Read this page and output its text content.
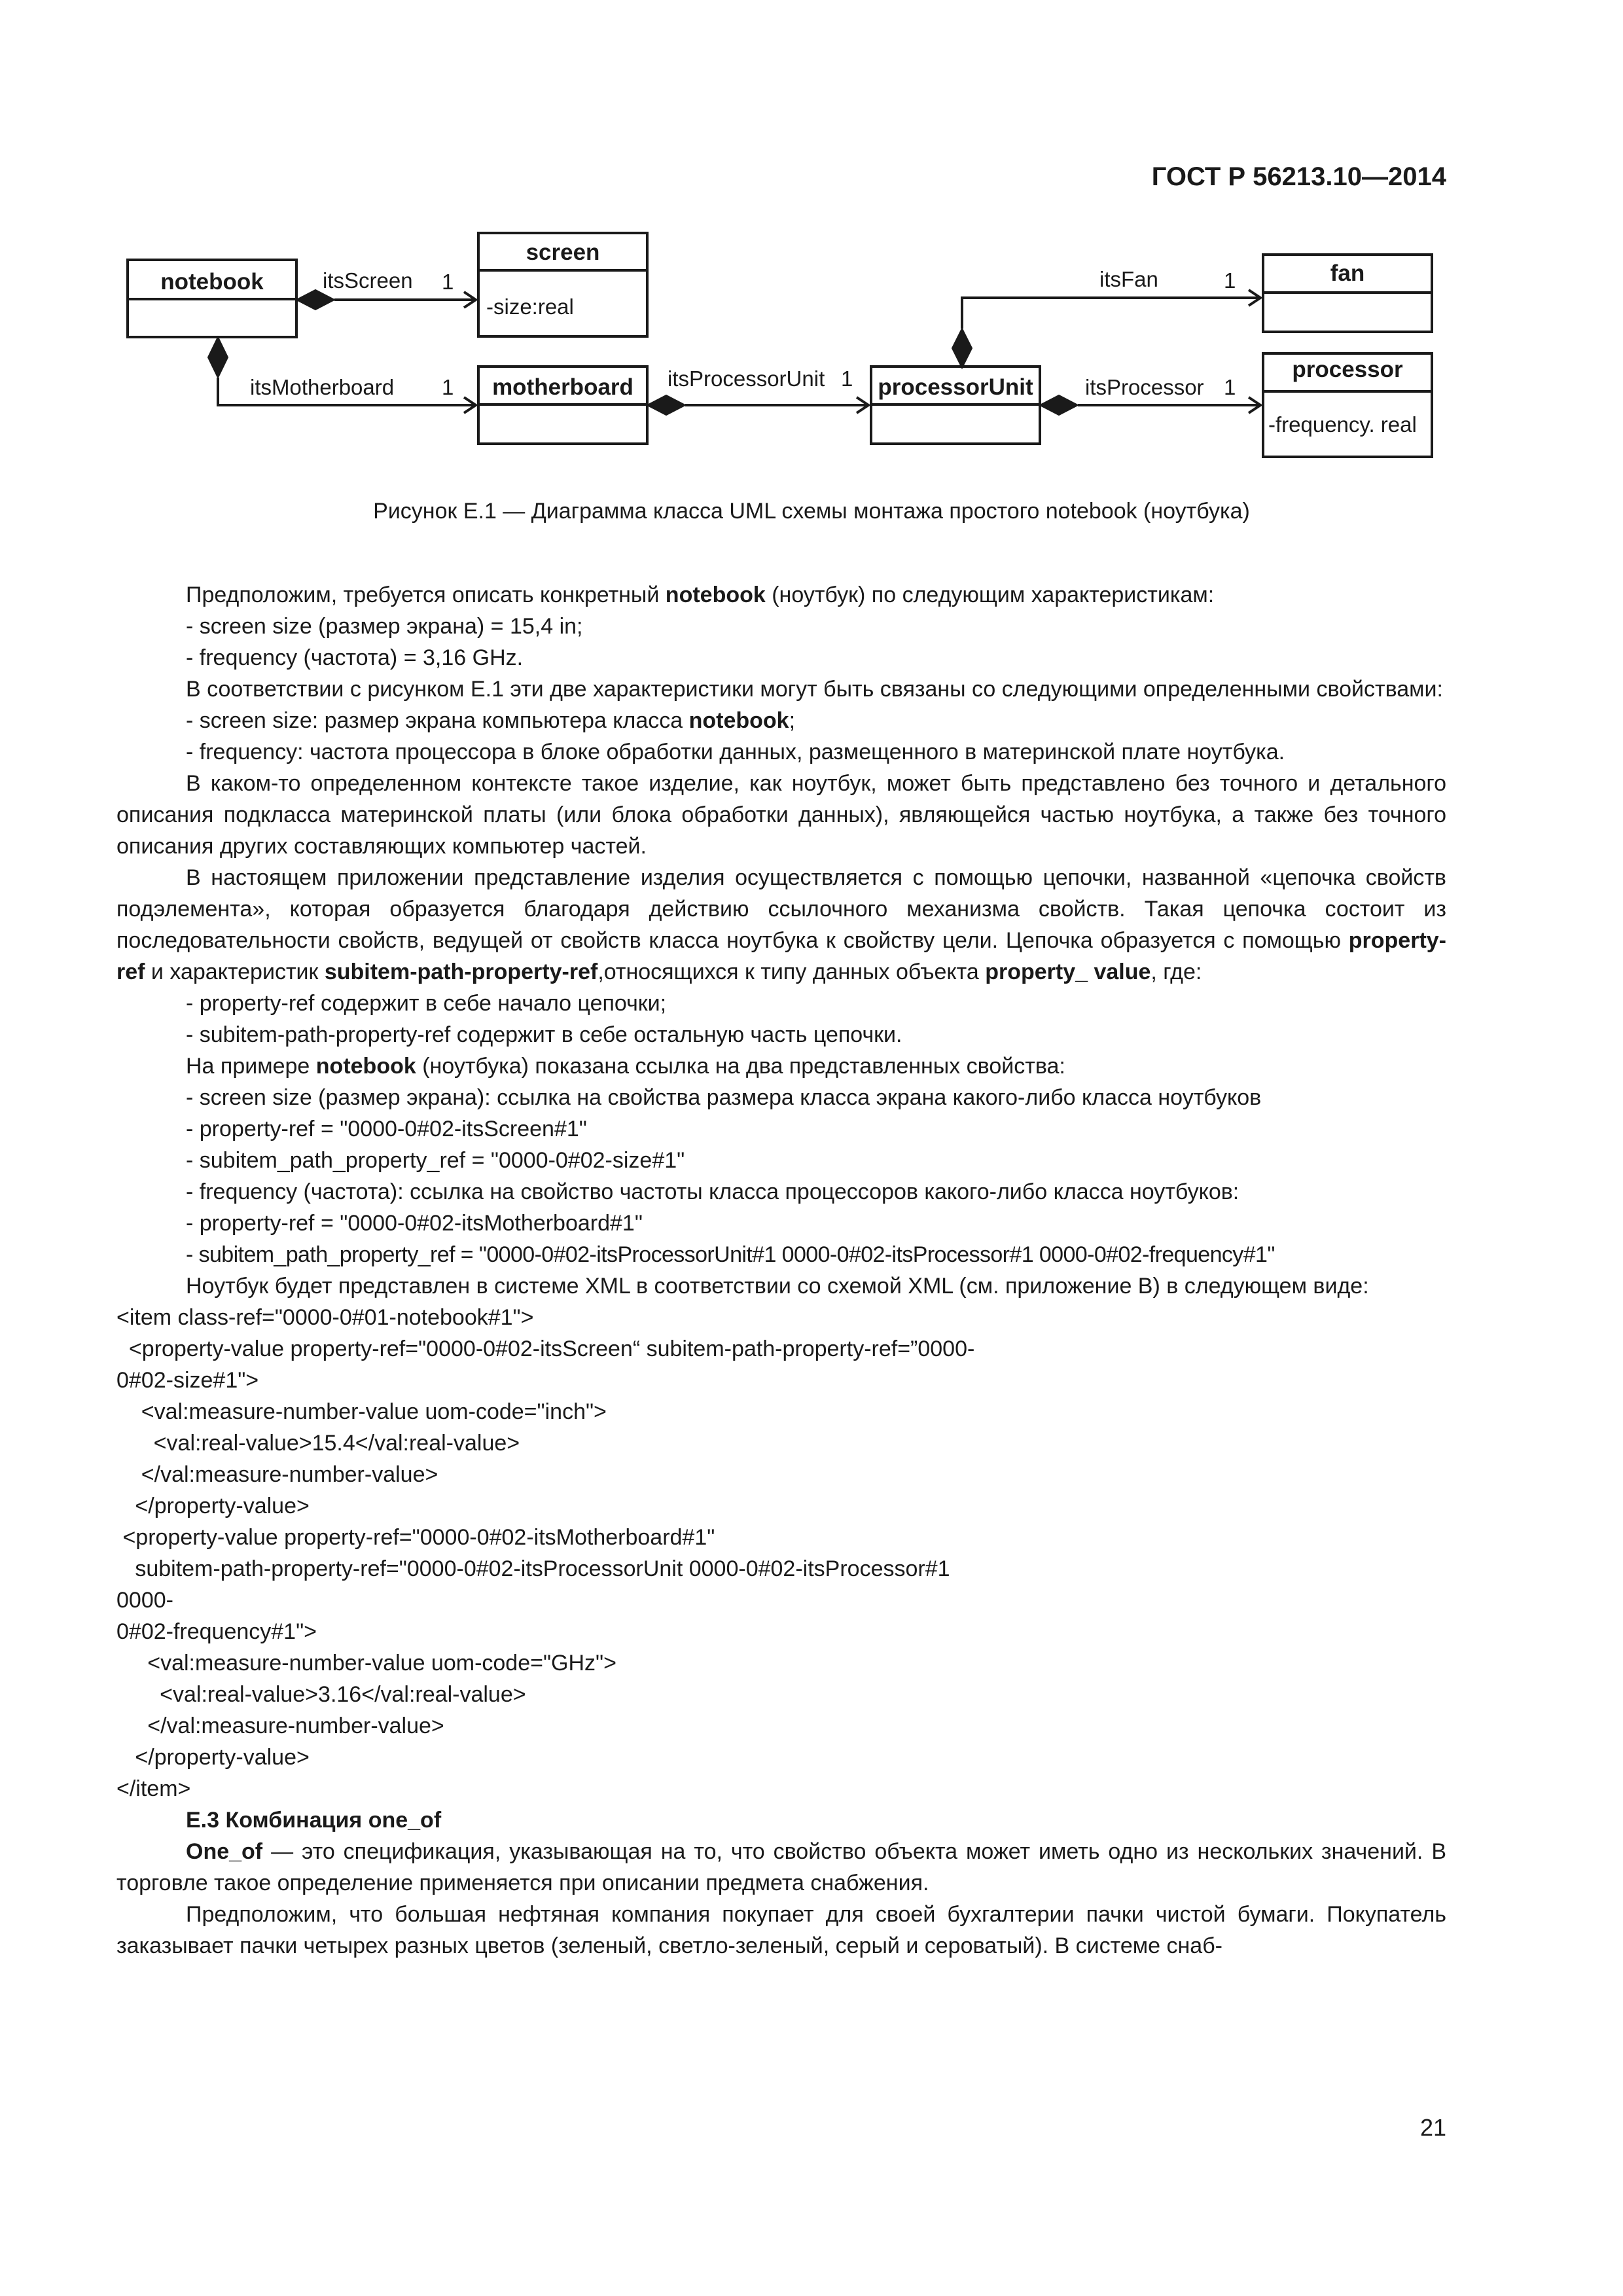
ГОСТ Р 56213.10—2014
notebook
screen
-size:real
motherboard	processorUnit
fan
processor
-frequency. real
itsScreen 1
itsMotherboard 1	itsProcessorUnit 1
itsFan	1
itsProcessor 1
Рисунок Е.1 — Диаграмма класса UML схемы монтажа простого notebook (ноутбука)

Предположим, требуется описать конкретный notebook (ноутбук) по следующим характеристикам:

- screen size (размер экрана) = 15,4 in;

- frequency (частота) = 3,16 GHz.

В соответствии с рисунком Е.1 эти две характеристики могут быть связаны со следующими определенными свойствами:

- screen size: размер экрана компьютера класса notebook;

- frequency: частота процессора в блоке обработки данных, размещенного в материнской плате ноутбука.

В каком-то определенном контексте такое изделие, как ноутбук, может быть представлено без точного и детального описания подкласса материнской платы (или блока обработки данных), являющейся частью ноутбука, а также без точного описания других составляющих компьютер частей.

В настоящем приложении представление изделия осуществляется с помощью цепочки, названной «цепочка свойств подэлемента», которая образуется благодаря действию ссылочного механизма свойств. Такая цепочка состоит из последовательности свойств, ведущей от свойств класса ноутбука к свойству цели. Цепочка образуется с помощью property-ref и характеристик subitem-path-property-ref,относящихся к типу данных объекта property_ value, где:

- property-ref содержит в себе начало цепочки;

- subitem-path-property-ref содержит в себе остальную часть цепочки.

На примере notebook (ноутбука) показана ссылка на два представленных свойства:

- screen size (размер экрана): ссылка на свойства размера класса экрана какого-либо класса ноутбуков

- property-ref = "0000-0#02-itsScreen#1"

- subitem_path_property_ref = "0000-0#02-size#1"

- frequency (частота): ссылка на свойство частоты класса процессоров какого-либо класса ноутбуков:

- property-ref = "0000-0#02-itsMotherboard#1"

- subitem_path_property_ref = "0000-0#02-itsProcessorUnit#1 0000-0#02-itsProcessor#1 0000-0#02-frequency#1"

Ноутбук будет представлен в системе XML в соответствии со схемой XML (см. приложение В) в следующем виде:

<item class-ref="0000-0#01-notebook#1">

<property-value property-ref="0000-0#02-itsScreen“ subitem-path-property-ref=”0000-

0#02-size#1">

<val:measure-number-value uom-code="inch">

<val:real-value>15.4</val:real-value>

</val:measure-number-value>

</property-value>

<property-value property-ref="0000-0#02-itsMotherboard#1"

subitem-path-property-ref="0000-0#02-itsProcessorUnit 0000-0#02-itsProcessor#1

0000-

0#02-frequency#1">

<val:measure-number-value uom-code="GHz">

<val:real-value>3.16</val:real-value>

</val:measure-number-value>

</property-value>

</item>

Е.3 Комбинация one_of

One_of — это спецификация, указывающая на то, что свойство объекта может иметь одно из нескольких значений. В торговле такое определение применяется при описании предмета снабжения.

Предположим, что большая нефтяная компания покупает для своей бухгалтерии пачки чистой бумаги. Покупатель заказывает пачки четырех разных цветов (зеленый, светло-зеленый, серый и сероватый). В системе снаб-

21
